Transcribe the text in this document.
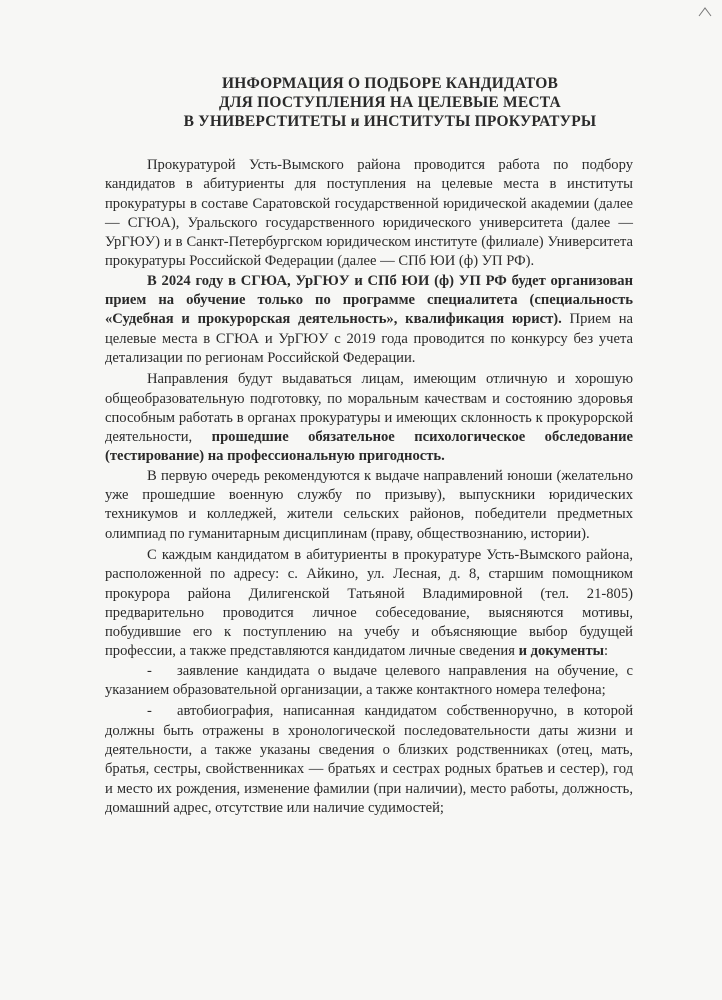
ИНФОРМАЦИЯ О ПОДБОРЕ КАНДИДАТОВ
ДЛЯ ПОСТУПЛЕНИЯ НА ЦЕЛЕВЫЕ МЕСТА
В УНИВЕРСТИТЕТЫ и ИНСТИТУТЫ ПРОКУРАТУРЫ

Прокуратурой Усть-Вымского района проводится работа по подбору кандидатов в абитуриенты для поступления на целевые места в институты прокуратуры в составе Саратовской государственной юридической академии (далее — СГЮА), Уральского государственного юридического университета (далее — УрГЮУ) и в Санкт-Петербургском юридическом институте (филиале) Университета прокуратуры Российской Федерации (далее — СПб ЮИ (ф) УП РФ).

В 2024 году в СГЮА, УрГЮУ и СПб ЮИ (ф) УП РФ будет организован прием на обучение только по программе специалитета (специальность «Судебная и прокурорская деятельность», квалификация юрист). Прием на целевые места в СГЮА и УрГЮУ с 2019 года проводится по конкурсу без учета детализации по регионам Российской Федерации.

Направления будут выдаваться лицам, имеющим отличную и хорошую общеобразовательную подготовку, по моральным качествам и состоянию здоровья способным работать в органах прокуратуры и имеющих склонность к прокурорской деятельности, прошедшие обязательное психологическое обследование (тестирование) на профессиональную пригодность.

В первую очередь рекомендуются к выдаче направлений юноши (желательно уже прошедшие военную службу по призыву), выпускники юридических техникумов и колледжей, жители сельских районов, победители предметных олимпиад по гуманитарным дисциплинам (праву, обществознанию, истории).

С каждым кандидатом в абитуриенты в прокуратуре Усть-Вымского района, расположенной по адресу: с. Айкино, ул. Лесная, д. 8, старшим помощником прокурора района Дилигенской Татьяной Владимировной (тел. 21-805) предварительно проводится личное собеседование, выясняются мотивы, побудившие его к поступлению на учебу и объясняющие выбор будущей профессии, а также представляются кандидатом личные сведения и документы:

- заявление кандидата о выдаче целевого направления на обучение, с указанием образовательной организации, а также контактного номера телефона;

- автобиография, написанная кандидатом собственноручно, в которой должны быть отражены в хронологической последовательности даты жизни и деятельности, а также указаны сведения о близких родственниках (отец, мать, братья, сестры, свойственниках — братьях и сестрах родных братьев и сестер), год и место их рождения, изменение фамилии (при наличии), место работы, должность, домашний адрес, отсутствие или наличие судимостей;
